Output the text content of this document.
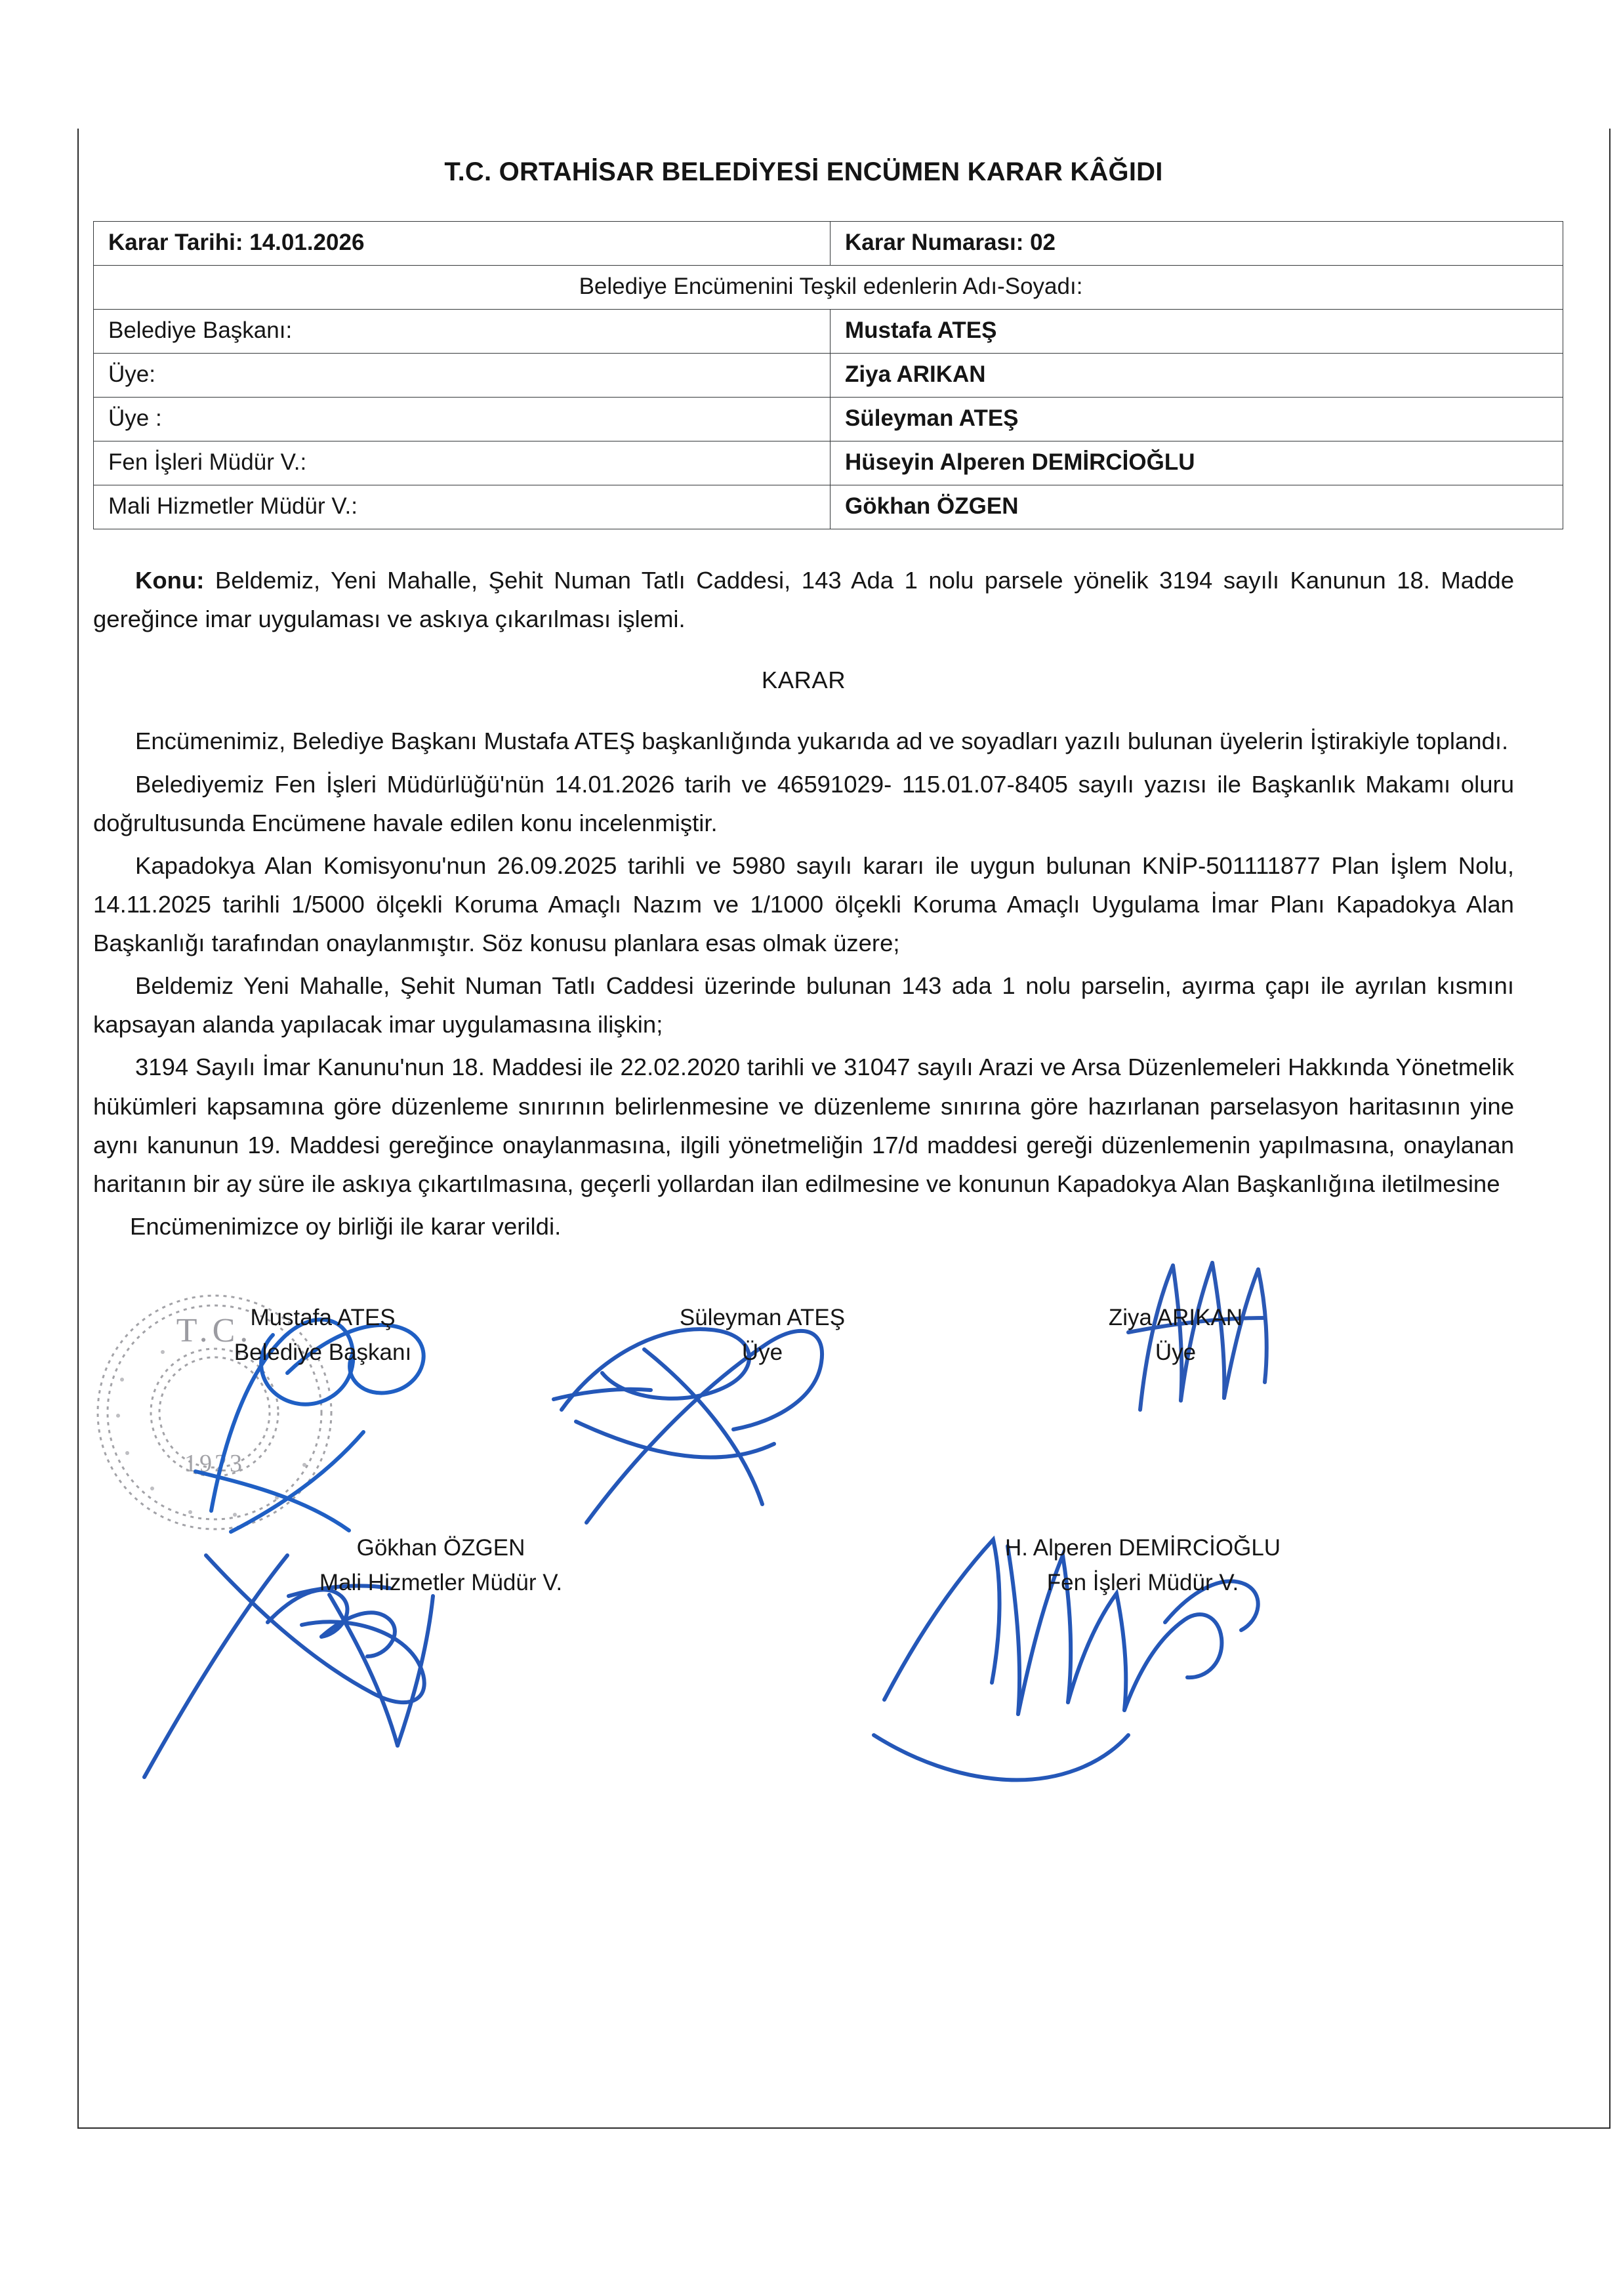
T.C. ORTAHİSAR BELEDİYESİ ENCÜMEN KARAR KÂĞIDI
Karar Tarihi: 14.01.2026	Karar Numarası: 02
Belediye Encümenini Teşkil edenlerin Adı-Soyadı:	
Belediye Başkanı:	Mustafa ATEŞ
Üye:	Ziya ARIKAN
Üye :	Süleyman ATEŞ
Fen İşleri Müdür V.:	Hüseyin Alperen DEMİRCİOĞLU
Mali Hizmetler Müdür V.:	Gökhan ÖZGEN

Konu: Beldemiz, Yeni Mahalle, Şehit Numan Tatlı Caddesi, 143 Ada 1 nolu parsele yönelik 3194 sayılı Kanunun 18. Madde gereğince imar uygulaması ve askıya çıkarılması işlemi.

KARAR

Encümenimiz, Belediye Başkanı Mustafa ATEŞ başkanlığında yukarıda ad ve soyadları yazılı bulunan üyelerin İştirakiyle toplandı.

Belediyemiz Fen İşleri Müdürlüğü'nün 14.01.2026 tarih ve 46591029- 115.01.07-8405 sayılı yazısı ile Başkanlık Makamı oluru doğrultusunda Encümene havale edilen konu incelenmiştir.

Kapadokya Alan Komisyonu'nun 26.09.2025 tarihli ve 5980 sayılı kararı ile uygun bulunan KNİP-501111877 Plan İşlem Nolu, 14.11.2025 tarihli 1/5000 ölçekli Koruma Amaçlı Nazım ve 1/1000 ölçekli Koruma Amaçlı Uygulama İmar Planı Kapadokya Alan Başkanlığı tarafından onaylanmıştır. Söz konusu planlara esas olmak üzere;

Beldemiz Yeni Mahalle, Şehit Numan Tatlı Caddesi üzerinde bulunan 143 ada 1 nolu parselin, ayırma çapı ile ayrılan kısmını kapsayan alanda yapılacak imar uygulamasına ilişkin;

3194 Sayılı İmar Kanunu'nun 18. Maddesi ile 22.02.2020 tarihli ve 31047 sayılı Arazi ve Arsa Düzenlemeleri Hakkında Yönetmelik hükümleri kapsamına göre düzenleme sınırının belirlenmesine ve düzenleme sınırına göre hazırlanan parselasyon haritasının yine aynı kanunun 19. Maddesi gereğince onaylanmasına, ilgili yönetmeliğin 17/d maddesi gereği düzenlemenin yapılmasına, onaylanan haritanın bir ay süre ile askıya çıkartılmasına, geçerli yollardan ilan edilmesine ve konunun Kapadokya Alan Başkanlığına iletilmesine

Encümenimizce oy birliği ile karar verildi.

T.C.
1923
Mustafa ATEŞ
Belediye Başkanı
Süleyman ATEŞ
Üye
Ziya ARIKAN
Üye
Gökhan ÖZGEN
Mali Hizmetler Müdür V.
H. Alperen DEMİRCİOĞLU
Fen İşleri Müdür V.
